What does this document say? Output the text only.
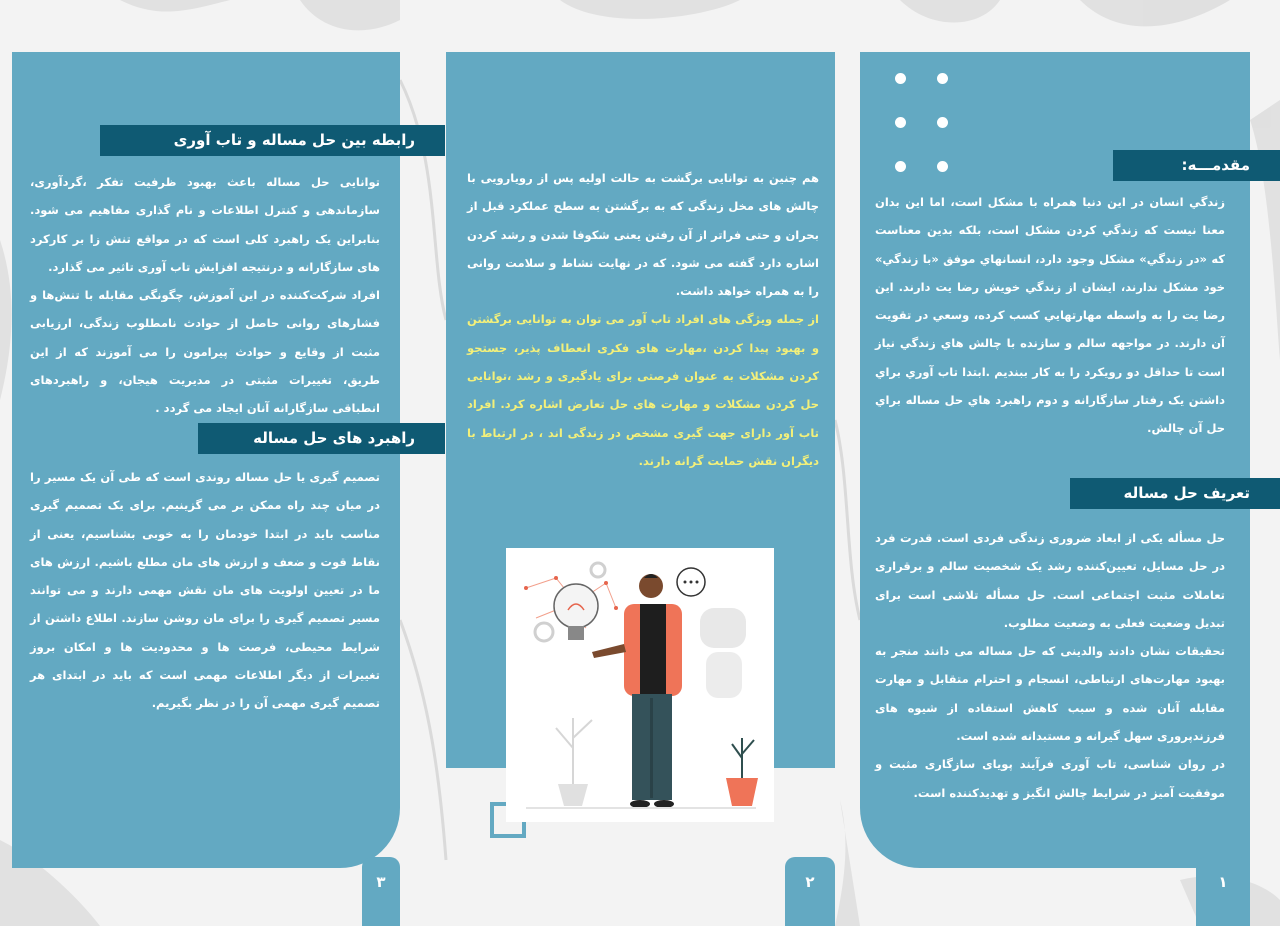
مقدمـــه:
زندگي انسان در اين دنيا همراه با مشكل است، اما اين بدان معنا نيست كه زندگي كردن مشكل است، بلكه بدين معناست كه «در زندگي» مشكل وجود دارد، انسانهاي موفق «با زندگي» خود مشكل ندارند، ايشان از زندگي خويش رضا يت دارند. اين رضا يت را به واسطه مهارتهايي كسب كرده، وسعي در تقويت آن دارند. در مواجهه سالم و سازنده با چالش هاي زندگي نياز است تا حداقل دو رويكرد را به كار ببنديم .ابتدا تاب آوري براي داشتن يک رفتار سازگارانه و دوم راهبرد هاي حل مساله براي حل آن چالش.
تعریف حل مساله
حل مسأله یکی از ابعاد ضروری زندگی فردی است. قدرت فرد در حل مسایل، تعیین‌کننده رشد یک شخصیت سالم و برقراری تعاملات مثبت اجتماعی است. حل مسأله تلاشی است برای تبدیل وضعیت فعلی به وضعیت مطلوب.
تحقیقات نشان دادند والدینی که حل مساله می دانند منجر به بهبود مهارت‌های ارتباطی، انسجام و احترام متقابل و مهارت مقابله آنان شده و سبب کاهش استفاده از شیوه های فرزندپروری سهل گیرانه و مستبدانه شده است.
در روان شناسی، تاب آوری فرآیند پویای سازگاری مثبت و موفقیت آمیز در شرایط چالش انگیز و تهدیدکننده است.
۱
هم چنین به توانایی برگشت به حالت اولیه پس از رویارویی با چالش های مخل زندگی که به برگشتن به سطح عملکرد قبل از بحران و حتی فراتر از آن رفتن یعنی شکوفا شدن و رشد کردن اشاره دارد گفته می شود. که در نهایت نشاط و سلامت روانی را به همراه خواهد داشت.
از جمله ویژگی های افراد تاب آور می توان به توانایی برگشتن و بهبود پیدا کردن ،مهارت های فکری انعطاف پذیر، جستجو کردن مشکلات به عنوان فرصتی برای یادگیری و رشد ،توانایی حل کردن مشکلات و مهارت های حل تعارض اشاره کرد. افراد تاب آور دارای جهت گیری مشخص در زندگی اند ، در ارتباط با دیگران نقش حمایت گرانه دارند.
۲
رابطه بین حل مساله و تاب آوری
توانایی حل مساله باعث بهبود ظرفیت تفکر ،گردآوری، سازماندهی و کنترل اطلاعات و نام گذاری مفاهیم می شود. بنابراین یک راهبرد کلی است که در مواقع تنش زا بر کارکرد های سازگارانه و درنتیجه افزایش تاب آوری تاثیر می گذارد.
افراد شرکت‌کننده در این آموزش، چگونگی مقابله با تنش‌ها و فشارهای روانی حاصل از حوادث نامطلوب زندگی، ارزیابی مثبت از وقایع و حوادث پیرامون را می آموزند که از این طریق، تغییرات مثبتی در مدیریت هیجان، و راهبردهای انطباقی سازگارانه آنان ایجاد می گردد .
راهبرد های حل مساله
تصمیم گیری یا حل مساله روندی است که طی آن یک مسیر را در میان چند راه ممکن بر می گزینیم. برای یک تصمیم گیری مناسب باید در ابتدا خودمان را به خوبی بشناسیم، یعنی از نقاط قوت و ضعف و ارزش های مان مطلع باشیم. ارزش های ما در تعیین اولویت های مان نقش مهمی دارند و می توانند مسیر تصمیم گیری را برای مان روشن سازند. اطلاع داشتن از شرایط محیطی، فرصت ها و محدودیت ها و امکان بروز تغییرات از دیگر اطلاعات مهمی است که باید در ابتدای هر تصمیم گیری مهمی آن را در نظر بگیریم.
۳
